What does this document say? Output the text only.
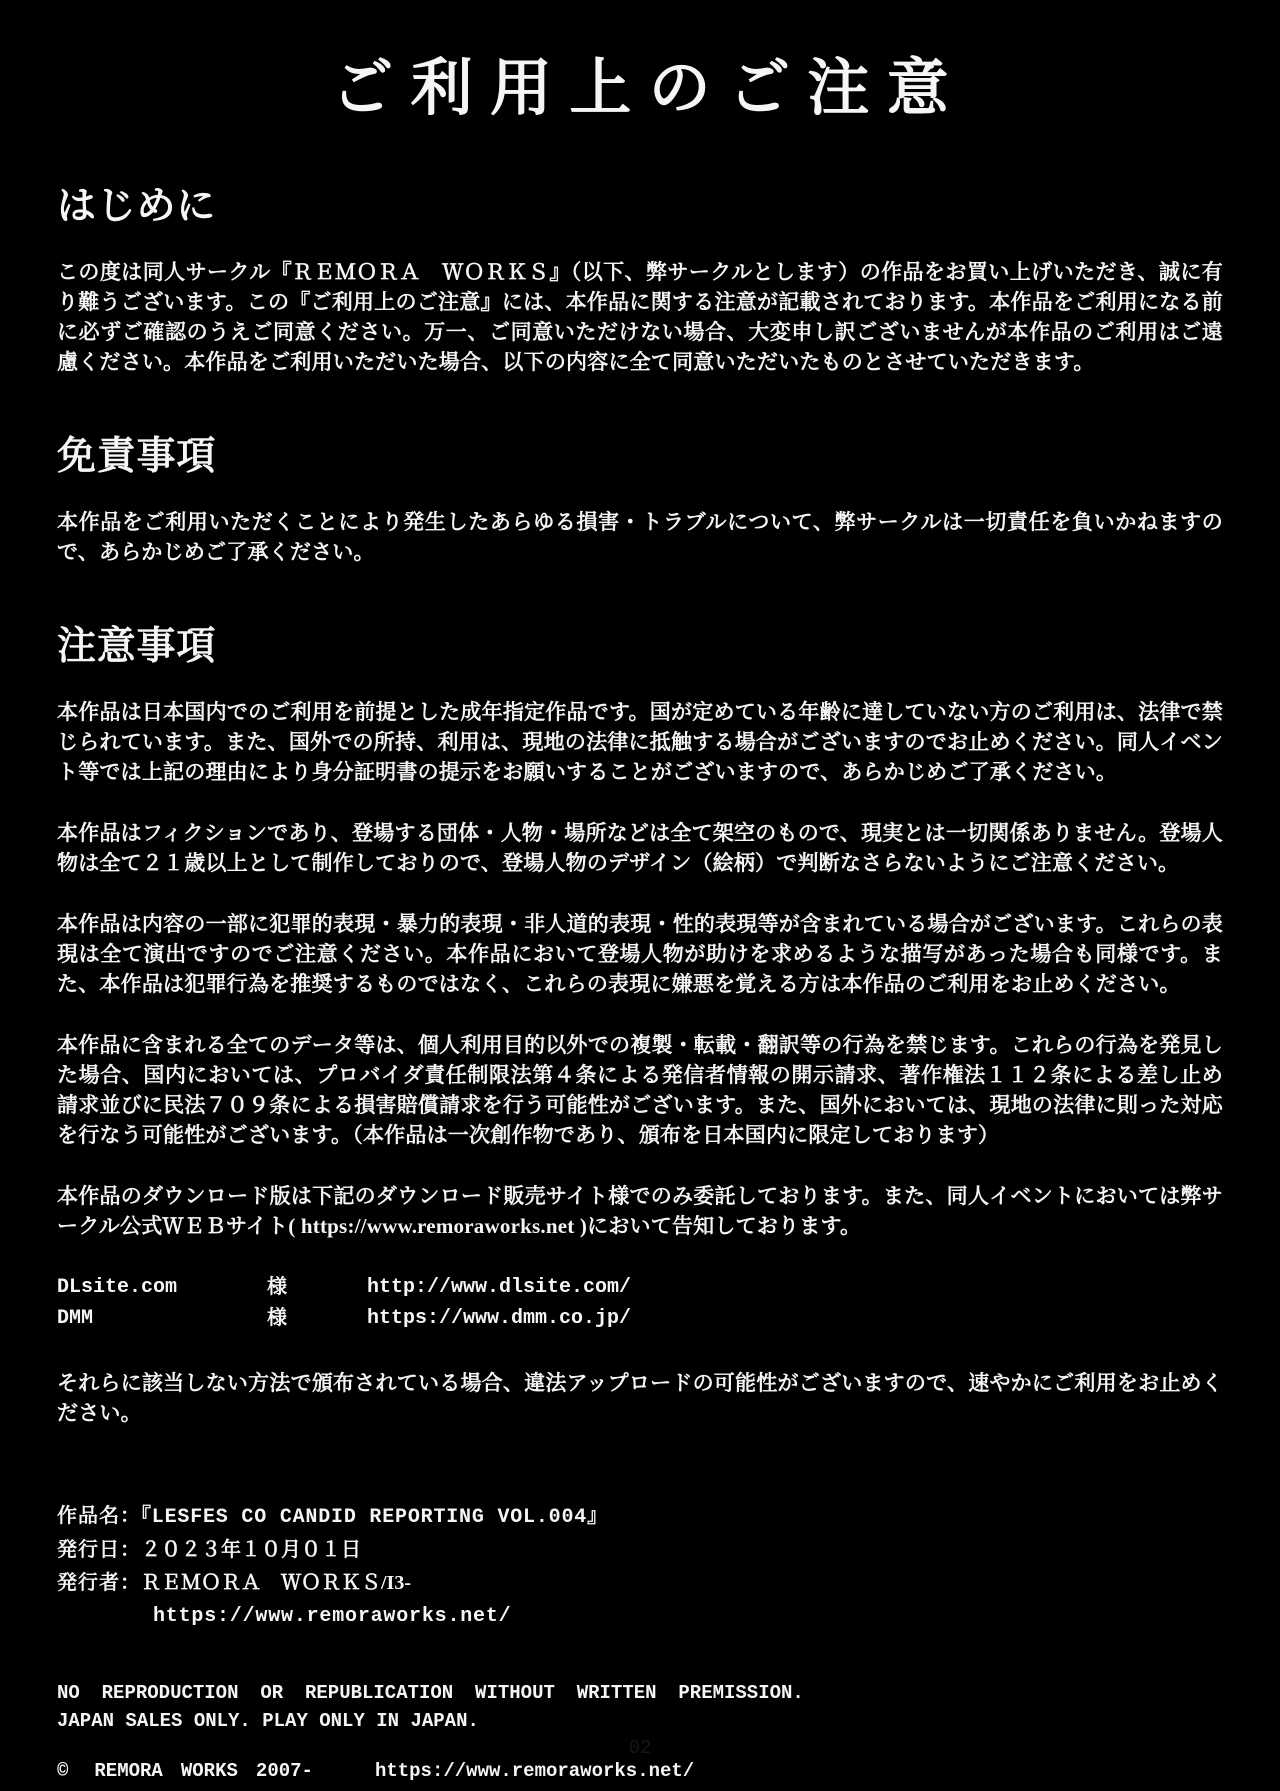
ご利用上のご注意
はじめに

この度は同人サークル『ＲＥＭＯＲＡ　ＷＯＲＫＳ』（以下、弊サークルとします）の作品をお買い上げいただき、誠に有り難うございます。この『ご利用上のご注意』には、本作品に関する注意が記載されております。本作品をご利用になる前に必ずご確認のうえご同意ください。万一、ご同意いただけない場合、大変申し訳ございませんが本作品のご利用はご遠慮ください。本作品をご利用いただいた場合、以下の内容に全て同意いただいたものとさせていただきます。

免責事項

本作品をご利用いただくことにより発生したあらゆる損害・トラブルについて、弊サークルは一切責任を負いかねますので、あらかじめご了承ください。

注意事項

本作品は日本国内でのご利用を前提とした成年指定作品です。国が定めている年齢に達していない方のご利用は、法律で禁じられています。また、国外での所持、利用は、現地の法律に抵触する場合がございますのでお止めください。同人イベント等では上記の理由により身分証明書の提示をお願いすることがございますので、あらかじめご了承ください。

本作品はフィクションであり、登場する団体・人物・場所などは全て架空のもので、現実とは一切関係ありません。登場人物は全て２１歳以上として制作しておりので、登場人物のデザイン（絵柄）で判断なさらないようにご注意ください。

本作品は内容の一部に犯罪的表現・暴力的表現・非人道的表現・性的表現等が含まれている場合がございます。これらの表現は全て演出ですのでご注意ください。本作品において登場人物が助けを求めるような描写があった場合も同様です。また、本作品は犯罪行為を推奨するものではなく、これらの表現に嫌悪を覚える方は本作品のご利用をお止めください。

本作品に含まれる全てのデータ等は、個人利用目的以外での複製・転載・翻訳等の行為を禁じます。これらの行為を発見した場合、国内においては、プロバイダ責任制限法第４条による発信者情報の開示請求、著作権法１１２条による差し止め請求並びに民法７０９条による損害賠償請求を行う可能性がございます。また、国外においては、現地の法律に則った対応を行なう可能性がございます。（本作品は一次創作物であり、頒布を日本国内に限定しております）

本作品のダウンロード版は下記のダウンロード販売サイト様でのみ委託しております。また、同人イベントにおいては弊サークル公式ＷＥＢサイト( https://www.remoraworks.net )において告知しております。

DLsite.com	様	http://www.dlsite.com/
DMM	様	https://www.dmm.co.jp/

それらに該当しない方法で頒布されている場合、違法アップロードの可能性がございますので、速やかにご利用をお止めください。

作品名：『LESFES CO CANDID REPORTING VOL.004』
発行日：２０２３年１０月０１日
発行者：ＲＥＭＯＲＡ　ＷＯＲＫＳ/I3-
https://www.remoraworks.net/
NO REPRODUCTION OR REPUBLICATION WITHOUT WRITTEN PREMISSION.
JAPAN SALES ONLY. PLAY ONLY IN JAPAN.
© REMORA WORKS 2007-	https://www.remoraworks.net/
02
